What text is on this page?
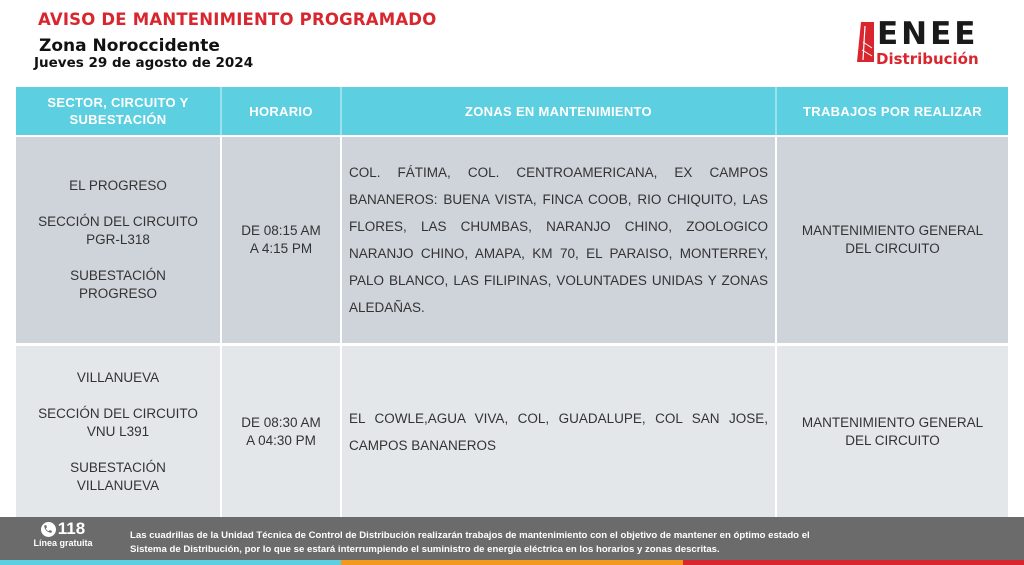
AVISO DE MANTENIMIENTO PROGRAMADO
Zona Noroccidente
Jueves 29 de agosto de 2024
ENEE
Distribución
SECTOR, CIRCUITO Y SUBESTACIÓN
HORARIO	ZONAS EN MANTENIMIENTO	TRABAJOS POR REALIZAR
EL PROGRESO
SECCIÓN DEL CIRCUITO
PGR-L318
SUBESTACIÓN
PROGRESO
DE 08:15 AM
A 4:15 PM
COL. FÁTIMA, COL. CENTROAMERICANA, EX CAMPOS BANANEROS: BUENA VISTA, FINCA COOB, RIO CHIQUITO, LAS FLORES, LAS CHUMBAS, NARANJO CHINO, ZOOLOGICO NARANJO CHINO, AMAPA, KM 70, EL PARAISO, MONTERREY, PALO BLANCO, LAS FILIPINAS, VOLUNTADES UNIDAS Y ZONAS ALEDAÑAS.
MANTENIMIENTO GENERAL
DEL CIRCUITO
VILLANUEVA
SECCIÓN DEL CIRCUITO
VNU L391
SUBESTACIÓN
VILLANUEVA
DE 08:30 AM
A 04:30 PM
EL COWLE,AGUA VIVA, COL, GUADALUPE, COL SAN JOSE, CAMPOS BANANEROS
MANTENIMIENTO GENERAL
DEL CIRCUITO
118
Línea gratuita
Las cuadrillas de la Unidad Técnica de Control de Distribución realizarán trabajos de mantenimiento con el objetivo de mantener en óptimo estado el
Sistema de Distribución, por lo que se estará interrumpiendo el suministro de energía eléctrica en los horarios y zonas descritas.
